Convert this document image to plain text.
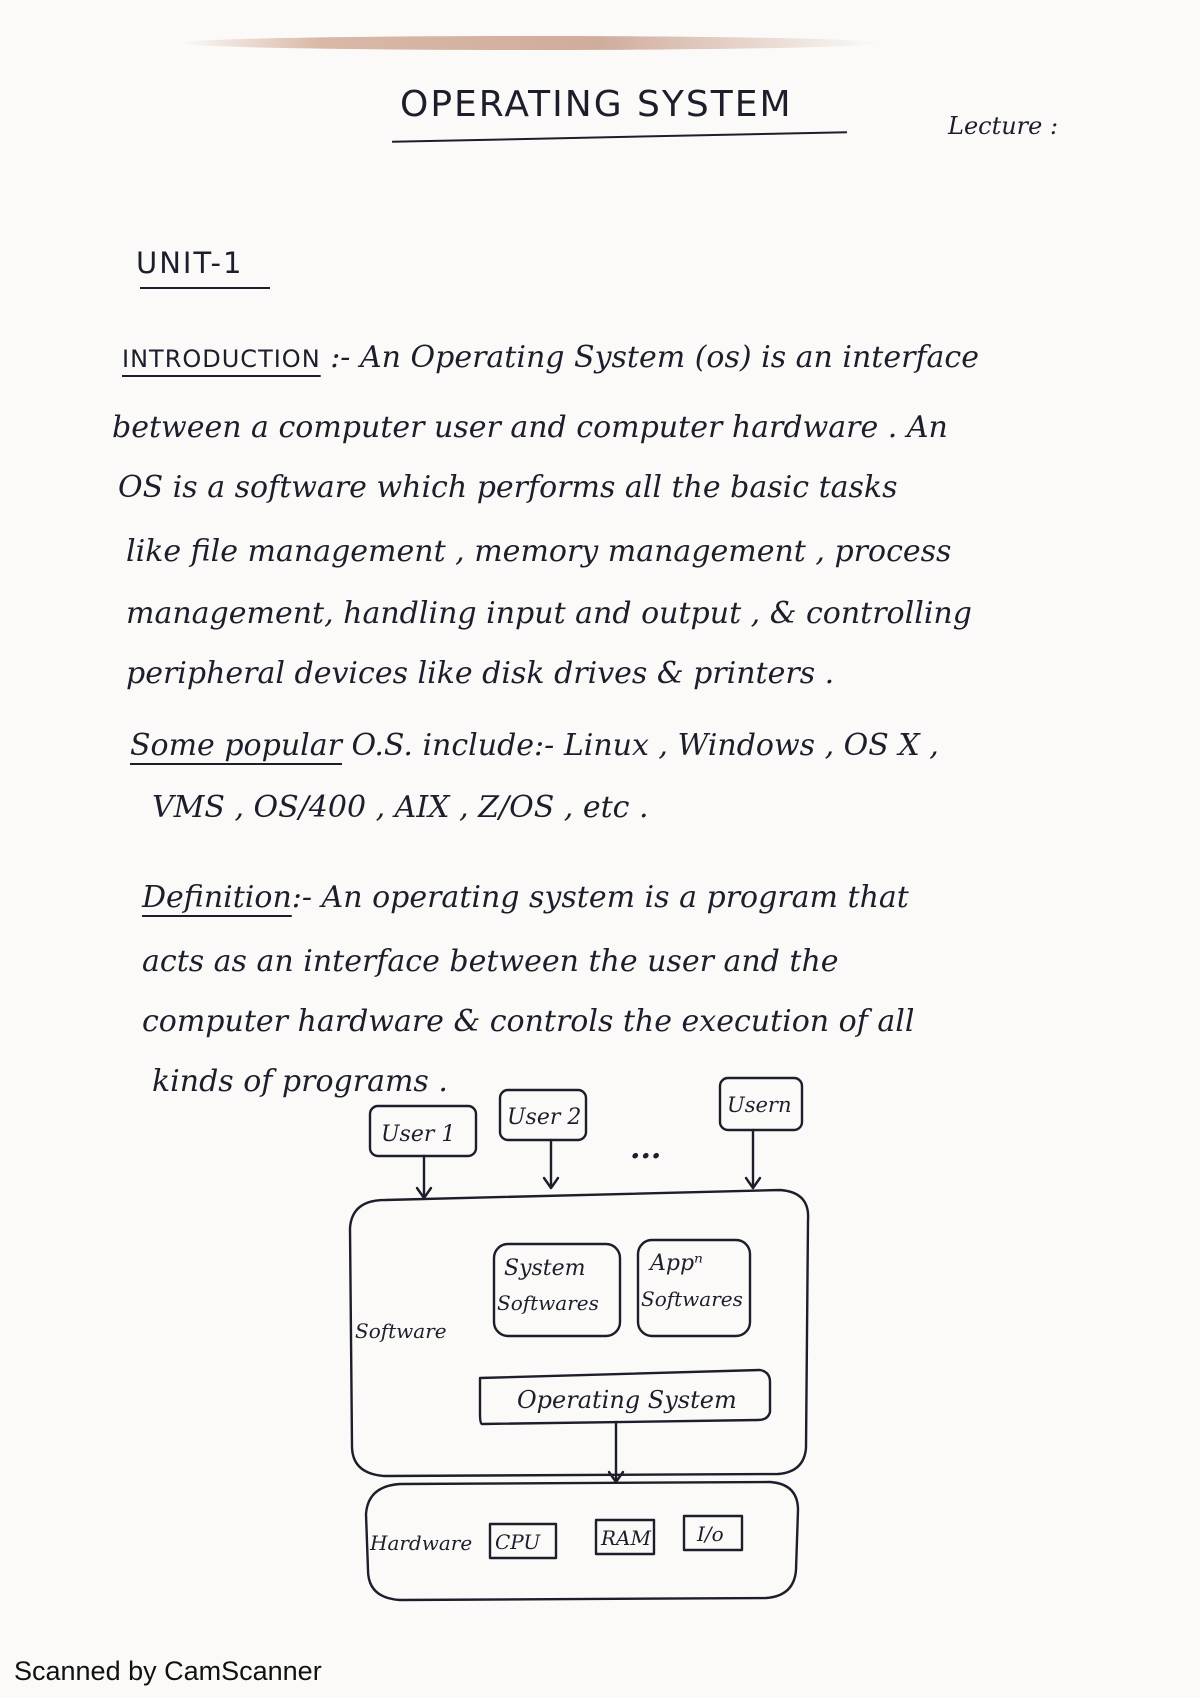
OPERATING SYSTEM
Lecture :
UNIT-1
INTRODUCTION :- An Operating System (os) is an interface
between a computer user and computer hardware . An
OS is a software which performs all the basic tasks
like file management , memory management , process
management, handling input and output , & controlling
peripheral devices like disk drives & printers .
Some popular O.S. include:- Linux , Windows , OS X ,
VMS , OS/400 , AIX , Z/OS , etc .
Definition:- An operating system is a program that
acts as an interface between the user and the
computer hardware & controls the execution of all
kinds of programs .
User 1
User 2	Usern
...
System
Softwares
Appⁿ
Softwares
Software
Operating System
Hardware CPU	RAM I/o
Scanned by CamScanner
